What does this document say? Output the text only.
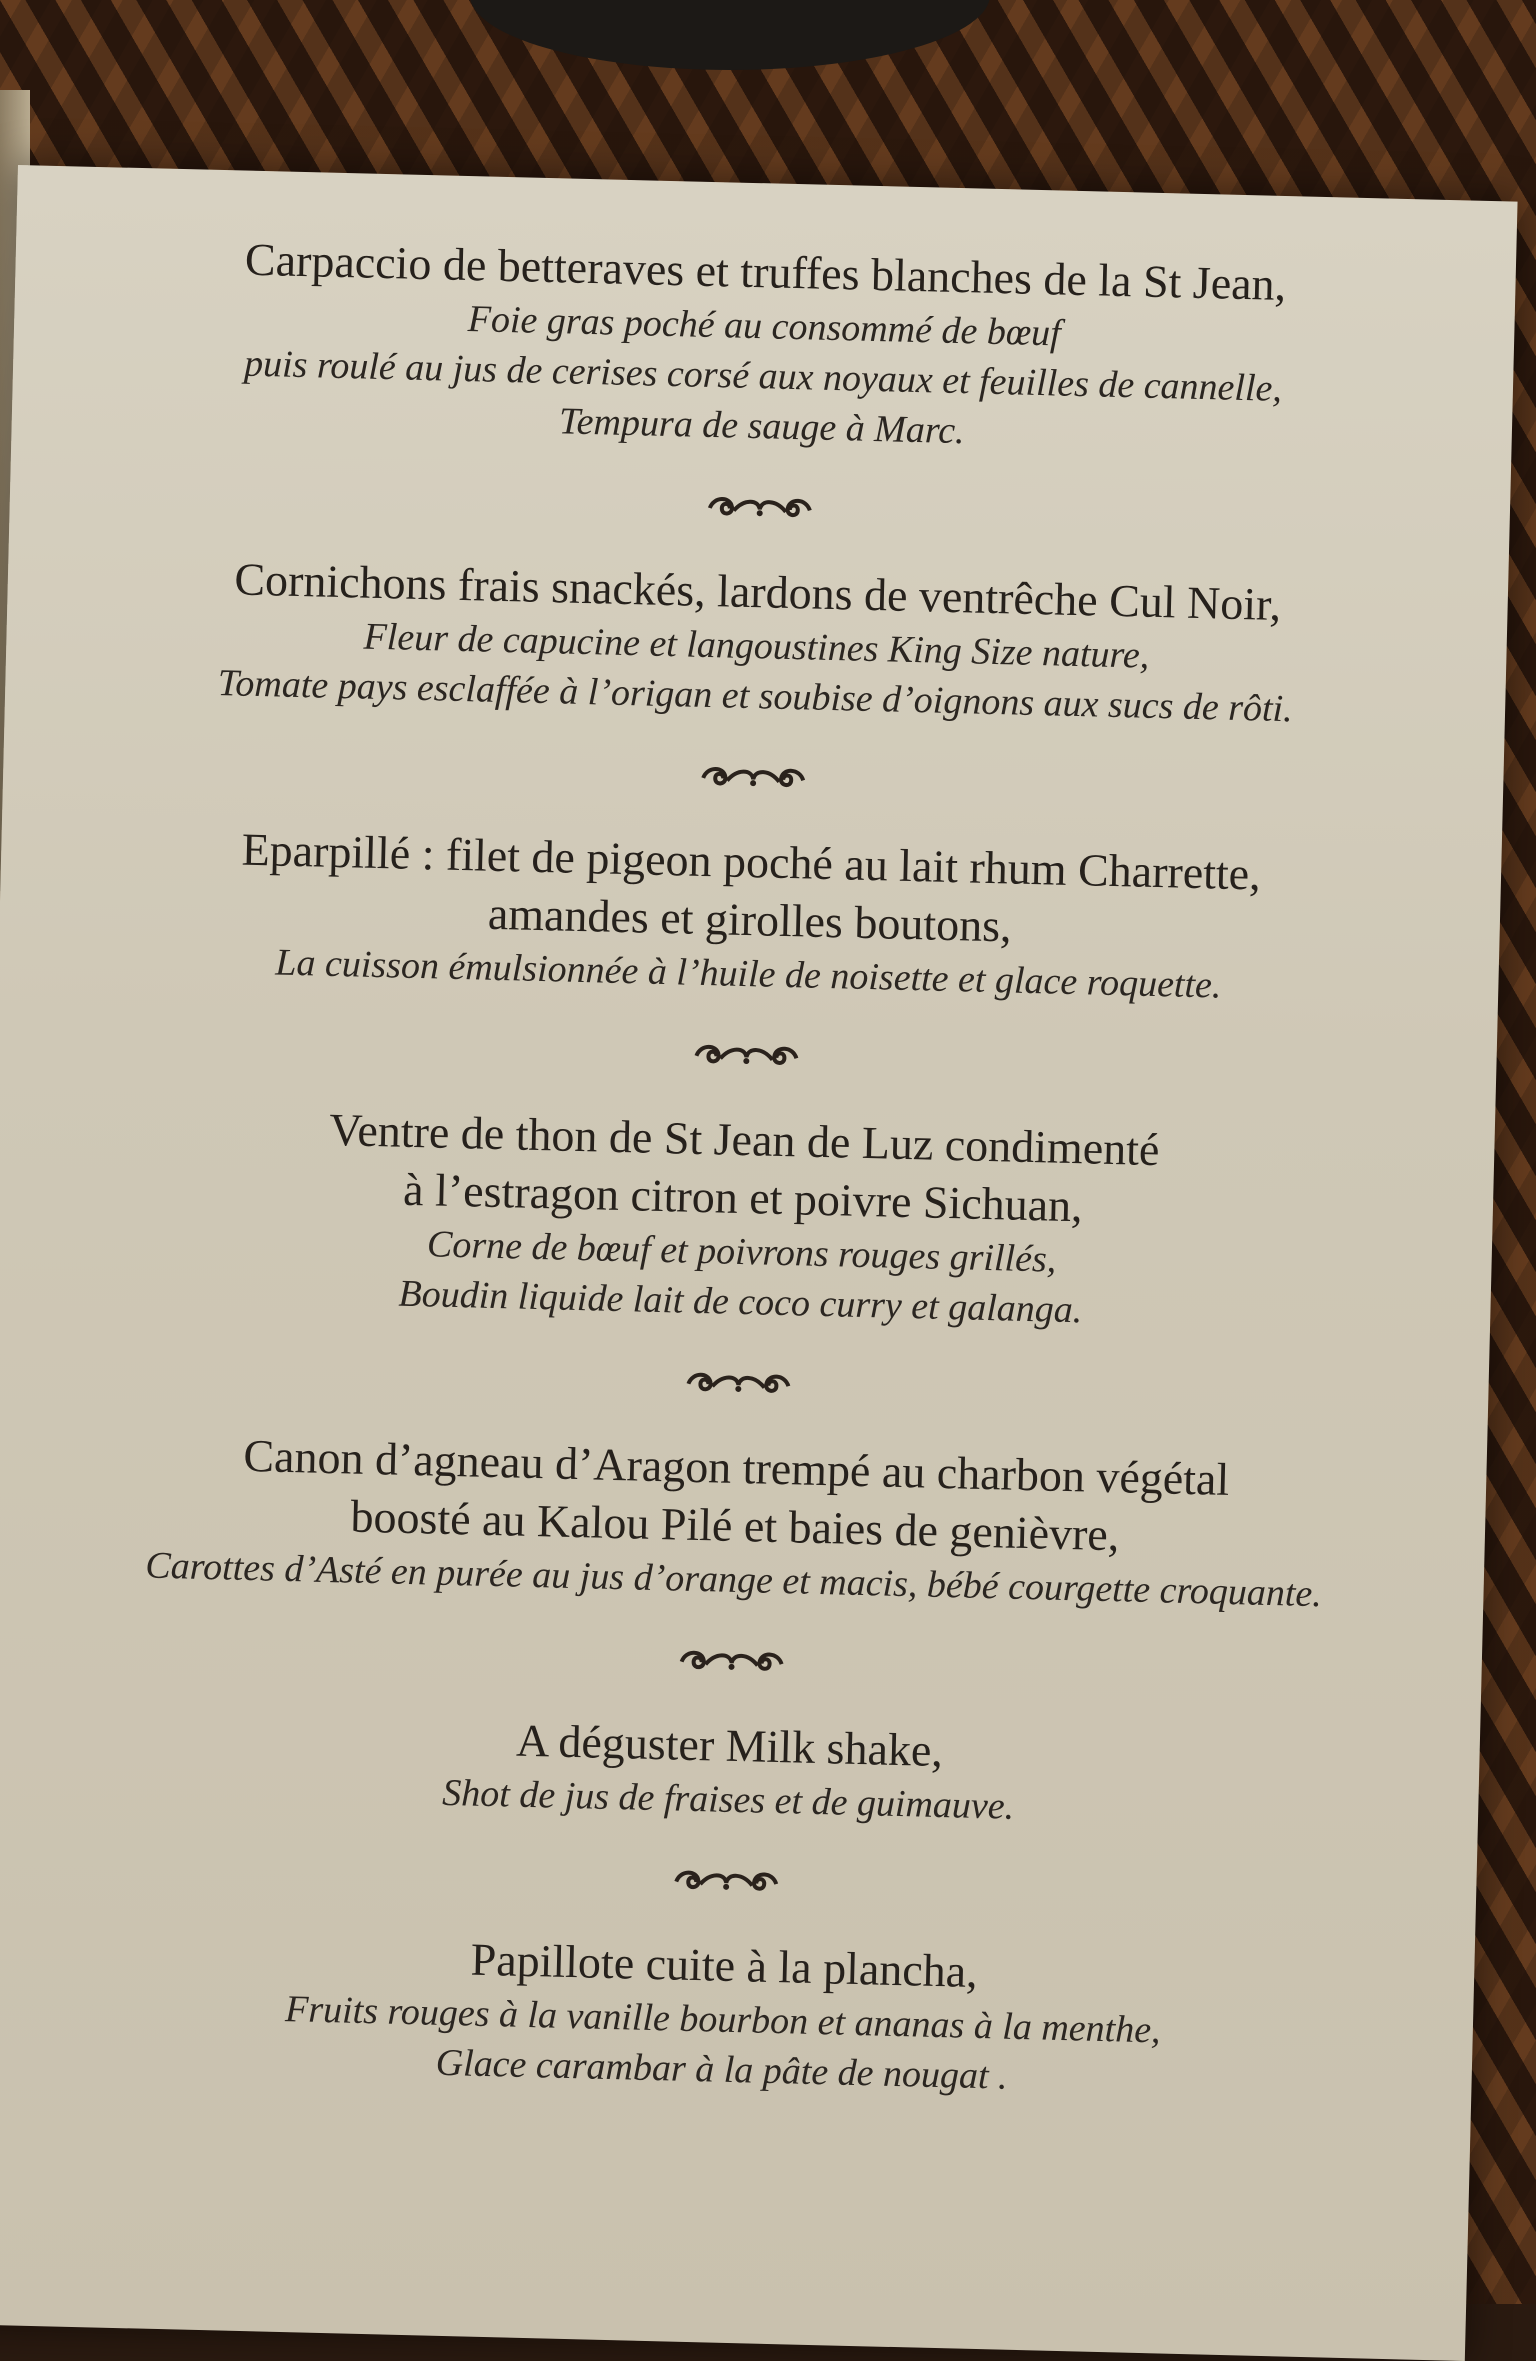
Carpaccio de betteraves et truffes blanches de la St Jean,
Foie gras poché au consommé de bœuf
puis roulé au jus de cerises corsé aux noyaux et feuilles de cannelle,
Tempura de sauge à Marc.
Cornichons frais snackés, lardons de ventrêche Cul Noir,
Fleur de capucine et langoustines King Size nature,
Tomate pays esclaffée à l’origan et soubise d’oignons aux sucs de rôti.
Eparpillé : filet de pigeon poché au lait rhum Charrette,
amandes et girolles boutons,
La cuisson émulsionnée à l’huile de noisette et glace roquette.
Ventre de thon de St Jean de Luz condimenté
à l’estragon citron et poivre Sichuan,
Corne de bœuf et poivrons rouges grillés,
Boudin liquide lait de coco curry et galanga.
Canon d’agneau d’Aragon trempé au charbon végétal
boosté au Kalou Pilé et baies de genièvre,
Carottes d’Asté en purée au jus d’orange et macis, bébé courgette croquante.
A déguster Milk shake,
Shot de jus de fraises et de guimauve.
Papillote cuite à la plancha,
Fruits rouges à la vanille bourbon et ananas à la menthe,
Glace carambar à la pâte de nougat .
